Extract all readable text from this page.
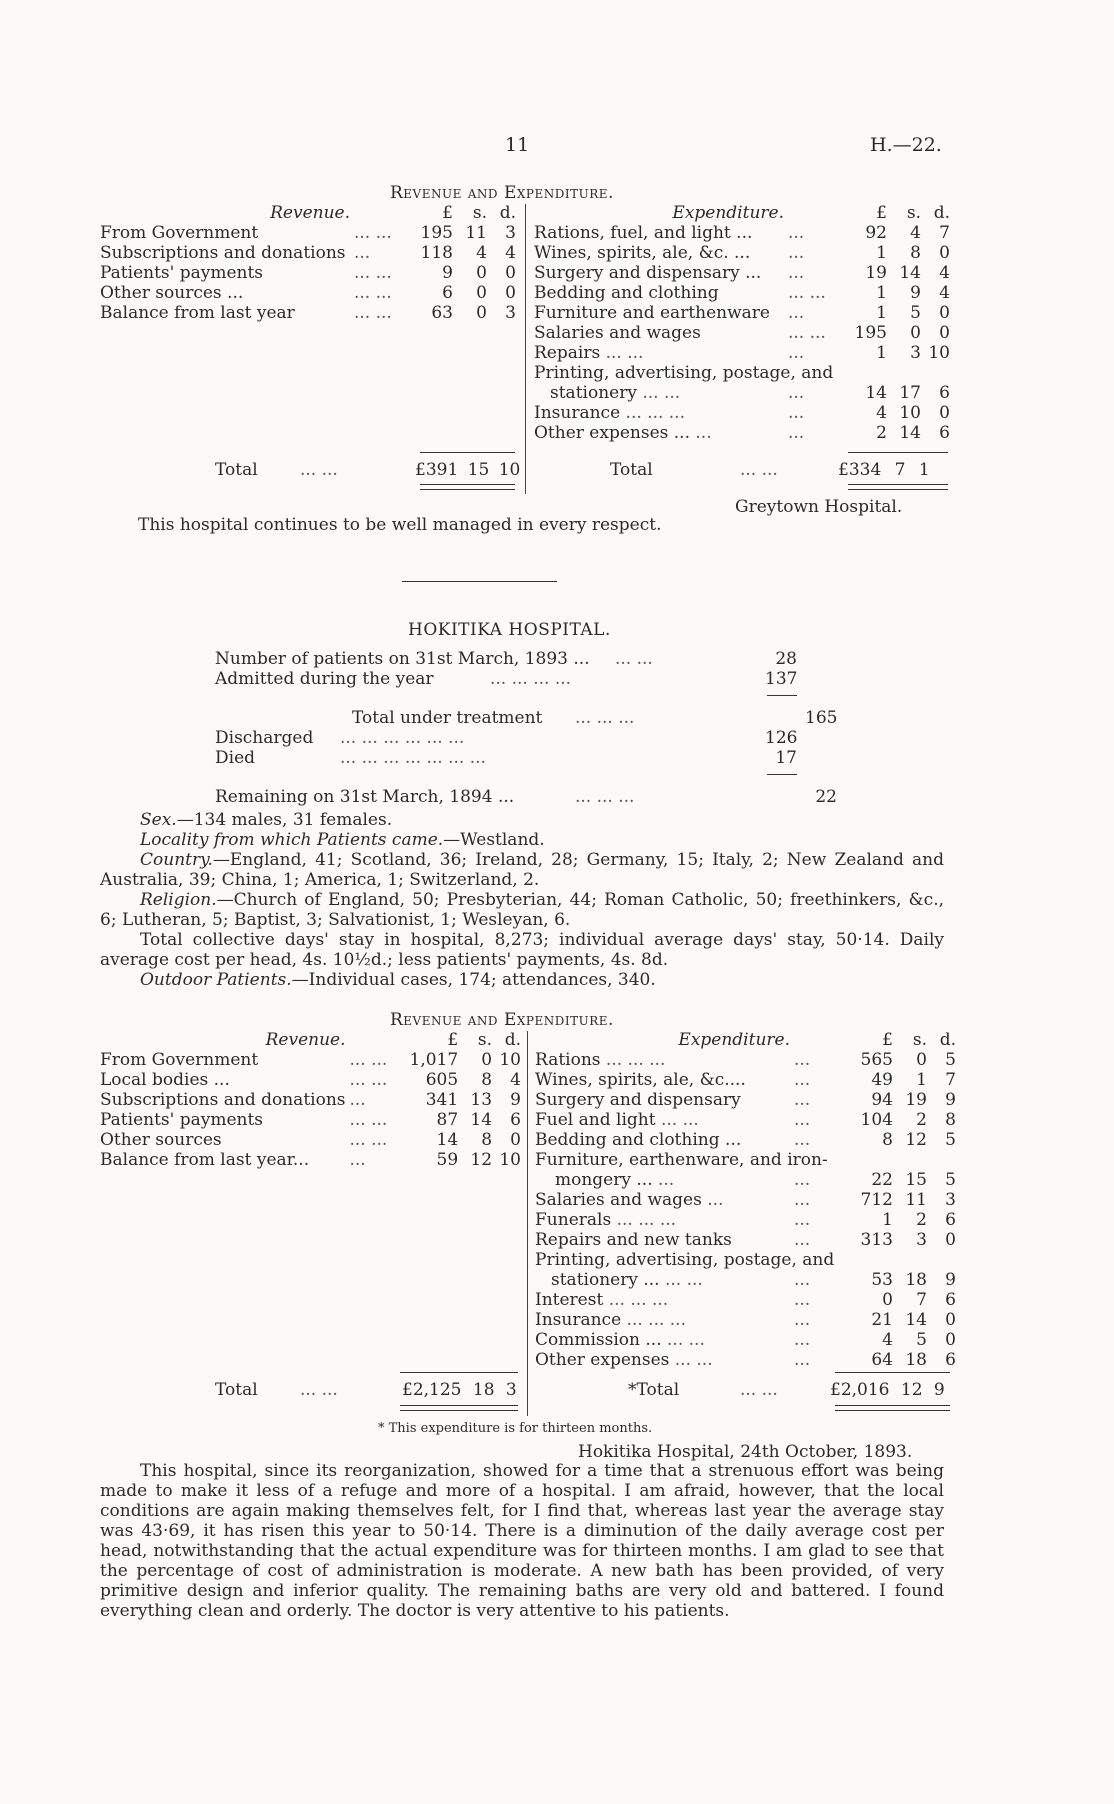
11	H.—22.
Revenue and Expenditure.
Revenue.		£	s.	d.
From Government	... ...	195	11	3
Subscriptions and donations	...	118	4	4
Patients' payments	... ...	9	0	0
Other sources ...	... ...	6	0	0
Balance from last year	... ...	63	0	3
Expenditure.		£	s.	d.
Rations, fuel, and light ...	...	92	4	7
Wines, spirits, ale, &c. ...	...	1	8	0
Surgery and dispensary ...	...	19	14	4
Bedding and clothing	... ...	1	9	4
Furniture and earthenware	...	1	5	0
Salaries and wages	... ...	195	0	0
Repairs ... ...	...	1	3	10
Printing, advertising, postage, and				
stationery ... ...	...	14	17	6
Insurance ... ... ...	...	4	10	0
Other expenses ... ...	...	2	14	6
Total ... ...	£391 15 10	Total	... ...	£334 7 1
Greytown Hospital.
This hospital continues to be well managed in every respect.
HOKITIKA HOSPITAL.
Number of patients on 31st March, 1893 ... ... ...	28
Admitted during the year	... ... ... ...	137
Total under treatment ... ... ...	165
Discharged ... ... ... ... ... ...	126
Died	... ... ... ... ... ... ...	17
Remaining on 31st March, 1894 ...	... ... ...	22
Sex.—134 males, 31 females.
Locality from which Patients came.—Westland.
Country.—England, 41; Scotland, 36; Ireland, 28; Germany, 15; Italy, 2; New Zealand and Australia, 39; China, 1; America, 1; Switzerland, 2.
Religion.—Church of England, 50; Presbyterian, 44; Roman Catholic, 50; freethinkers, &c., 6; Lutheran, 5; Baptist, 3; Salvationist, 1; Wesleyan, 6.
Total collective days' stay in hospital, 8,273; individual average days' stay, 50·14. Daily average cost per head, 4s. 10½d.; less patients' payments, 4s. 8d.
Outdoor Patients.—Individual cases, 174; attendances, 340.
Revenue and Expenditure.
Revenue.		£	s.	d.
From Government	... ...	1,017	0	10
Local bodies ...	... ...	605	8	4
Subscriptions and donations	...	341	13	9
Patients' payments	... ...	87	14	6
Other sources	... ...	14	8	0
Balance from last year...	...	59	12	10
Expenditure.		£	s.	d.
Rations ... ... ...	...	565	0	5
Wines, spirits, ale, &c....	...	49	1	7
Surgery and dispensary	...	94	19	9
Fuel and light ... ...	...	104	2	8
Bedding and clothing ...	...	8	12	5
Furniture, earthenware, and iron-				
mongery ... ...	...	22	15	5
Salaries and wages ...	...	712	11	3
Funerals ... ... ...	...	1	2	6
Repairs and new tanks	...	313	3	0
Printing, advertising, postage, and				
stationery ... ... ...	...	53	18	9
Interest ... ... ...	...	0	7	6
Insurance ... ... ...	...	21	14	0
Commission ... ... ...	...	4	5	0
Other expenses ... ...	...	64	18	6
Total ... ...	£2,125 18 3	*Total	... ...	£2,016 12 9
* This expenditure is for thirteen months.
Hokitika Hospital, 24th October, 1893.
This hospital, since its reorganization, showed for a time that a strenuous effort was being made to make it less of a refuge and more of a hospital. I am afraid, however, that the local conditions are again making themselves felt, for I find that, whereas last year the average stay was 43·69, it has risen this year to 50·14. There is a diminution of the daily average cost per head, notwithstanding that the actual expenditure was for thirteen months. I am glad to see that the percentage of cost of administration is moderate. A new bath has been provided, of very primitive design and inferior quality. The remaining baths are very old and battered. I found everything clean and orderly. The doctor is very attentive to his patients.
